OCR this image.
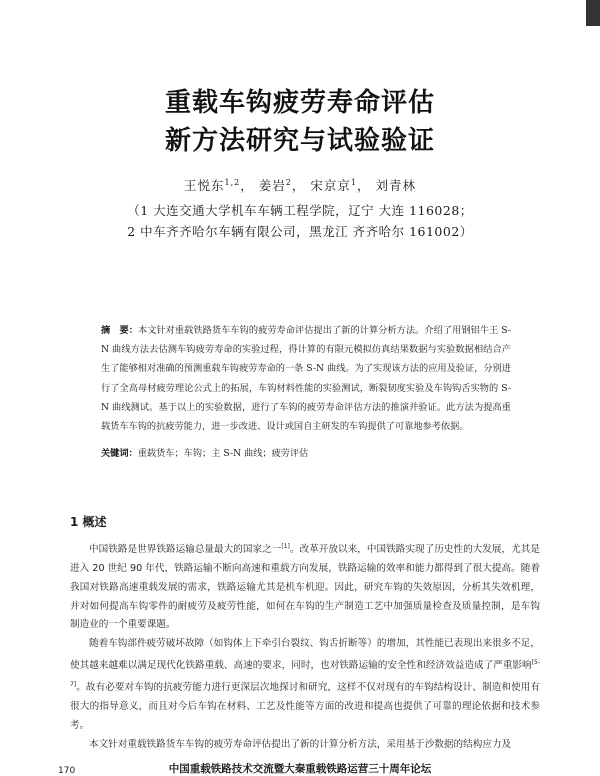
重载车钩疲劳寿命评估
新方法研究与试验验证
王悦东$^{1,2}$， 姜岩$^2$， 宋京京$^1$， 刘青林
（1 大连交通大学机车车辆工程学院，辽宁 大连 116028；
2 中车齐齐哈尔车辆有限公司，黑龙江 齐齐哈尔 161002）
摘　要：本文针对重载铁路货车车钩的疲劳寿命评估提出了新的计算分析方法。介绍了用钢铝牛王 S-N 曲线方法去估测车钩疲劳寿命的实验过程，得计算的有限元模拟仿真结果数据与实验数据相结合产生了能够相对准确的预测重载车钩疲劳寿命的一条 S-N 曲线。为了实现该方法的应用及验证，分别进行了全高母材疲劳理论公式上的拓展，车钩材料性能的实验测试，断裂韧度实验及车钩钩舌实物的 S-N 曲线测试。基于以上的实验数据，进行了车钩的疲劳寿命评估方法的推演并验证。此方法为提高重载货车车钩的抗疲劳能力，进一步改进、设计或国自主研发的车钩提供了可靠地参考依据。
关键词：重载货车；车钩；主 S-N 曲线；疲劳评估
1 概述

中国铁路是世界铁路运输总量最大的国家之一[1]。改革开放以来，中国铁路实现了历史性的大发展，尤其是进入 20 世纪 90 年代，铁路运输不断向高速和重载方向发展，铁路运输的效率和能力都得到了很大提高。随着我国对铁路高速重载发展的需求，铁路运输尤其是机车机迎。因此，研究车钩的失效原因，分析其失效机理，并对如何提高车钩零件的耐疲劳及疲劳性能，如何在车钩的生产制造工艺中加强质量检查及质量控制，是车钩制造业的一个重要课题。

随着车钩部件疲劳破坏故障（如钩体上下牵引台裂纹、钩舌折断等）的增加，其性能已表现出来很多不足，使其越来越难以满足现代化铁路重载、高速的要求，同时，也对铁路运输的安全性和经济效益造成了严重影响[5-7]。故有必要对车钩的抗疲劳能力进行更深层次地探讨和研究，这样不仅对现有的车钩结构设计、制造和使用有很大的指导意义，而且对今后车钩在材料、工艺及性能等方面的改进和提高也提供了可靠的理论依据和技术参考。

本文针对重载铁路货车车钩的疲劳寿命评估提出了新的计算分析方法，采用基于沙数据的结构应力及

中国重载铁路技术交流暨大秦重载铁路运营三十周年论坛
170
